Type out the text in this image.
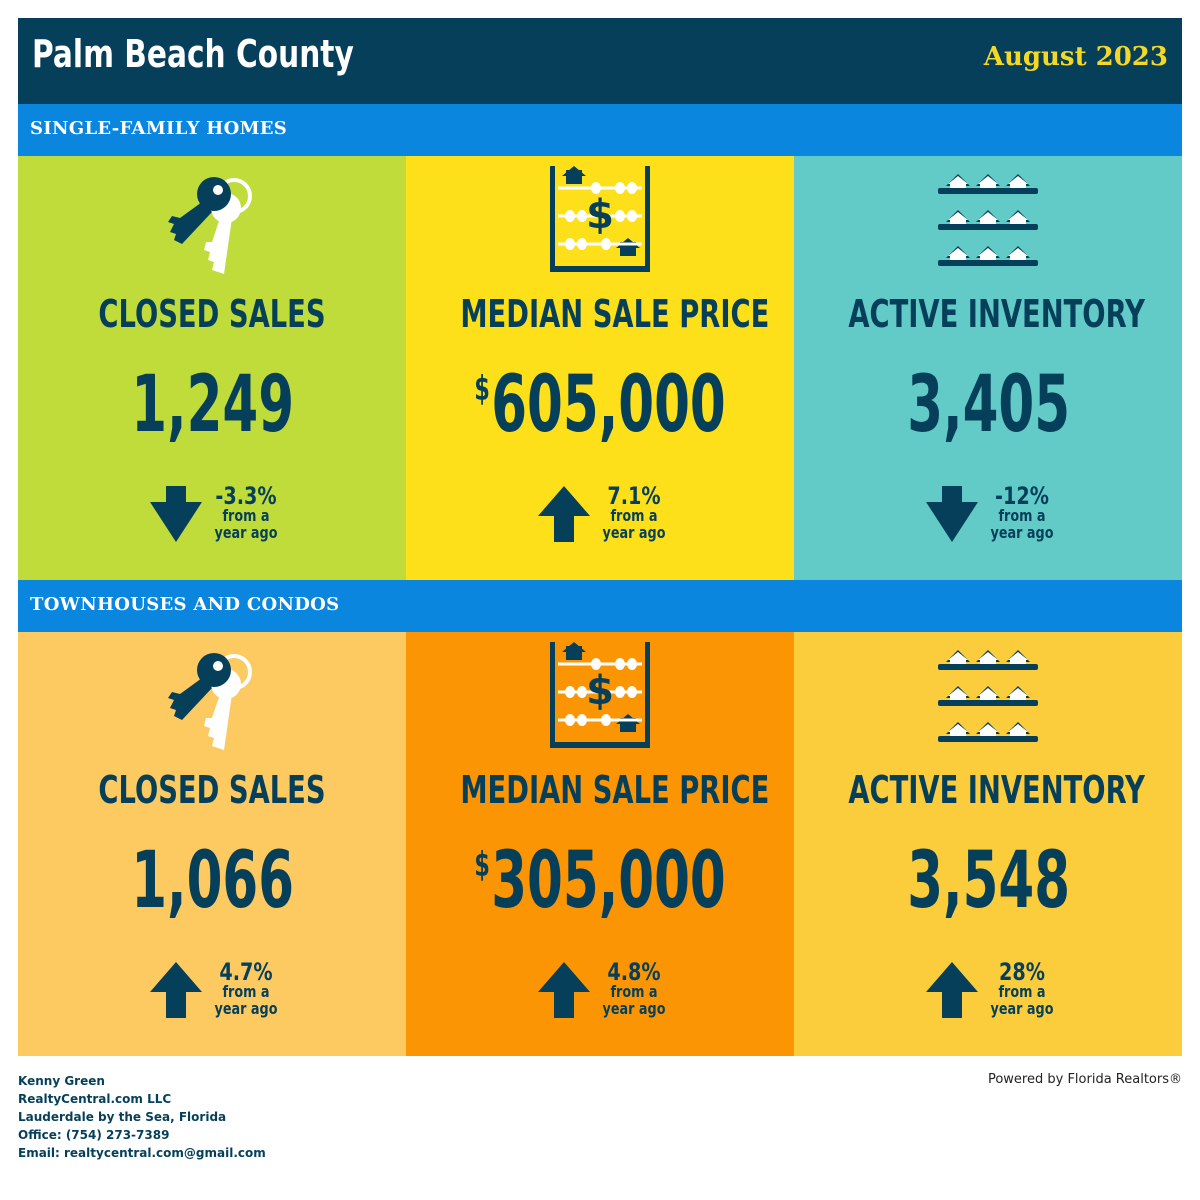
Palm Beach County	August 2023
SINGLE-FAMILY HOMES
CLOSED SALES
1,249
-3.3%
from a
year ago
$
MEDIAN SALE PRICE
$605,000
7.1%
from a
year ago
ACTIVE INVENTORY
3,405
-12%
from a
year ago
TOWNHOUSES AND CONDOS
CLOSED SALES
1,066
4.7%
from a
year ago
$
MEDIAN SALE PRICE
$305,000
4.8%
from a
year ago
ACTIVE INVENTORY
3,548
28%
from a
year ago
Kenny Green
RealtyCentral.com LLC
Lauderdale by the Sea, Florida
Office: (754) 273-7389
Email: realtycentral.com@gmail.com
Powered by Florida Realtors®
